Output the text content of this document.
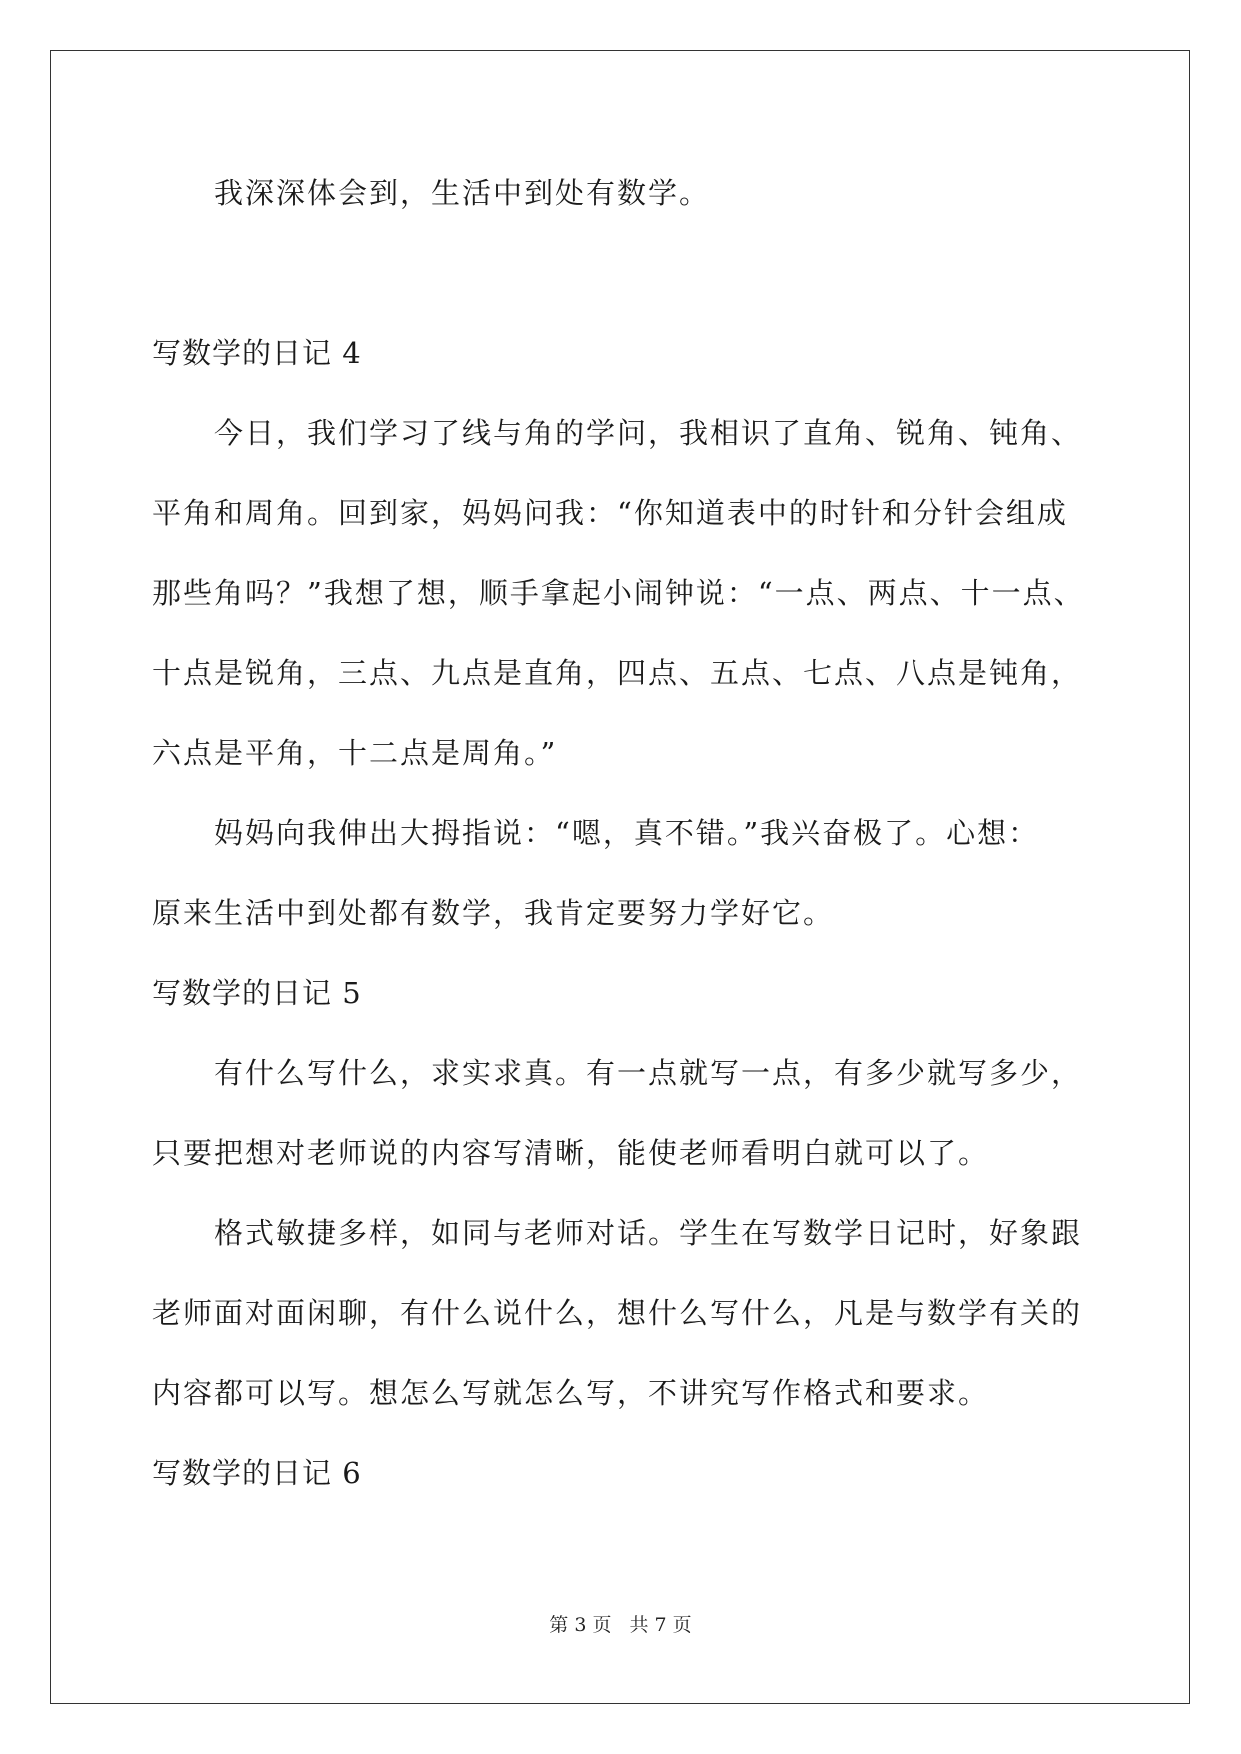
我深深体会到，生活中到处有数学。
写数学的日记 4
今日，我们学习了线与角的学问，我相识了直角、锐角、钝角、
平角和周角。回到家，妈妈问我：“你知道表中的时针和分针会组成
那些角吗？”我想了想，顺手拿起小闹钟说：“一点、两点、十一点、
十点是锐角，三点、九点是直角，四点、五点、七点、八点是钝角，
六点是平角，十二点是周角。”
妈妈向我伸出大拇指说：“嗯，真不错。”我兴奋极了。心想：
原来生活中到处都有数学，我肯定要努力学好它。
写数学的日记 5
有什么写什么，求实求真。有一点就写一点，有多少就写多少，
只要把想对老师说的内容写清晰，能使老师看明白就可以了。
格式敏捷多样，如同与老师对话。学生在写数学日记时，好象跟
老师面对面闲聊，有什么说什么，想什么写什么，凡是与数学有关的
内容都可以写。想怎么写就怎么写，不讲究写作格式和要求。
写数学的日记 6
第 3 页 共 7 页
